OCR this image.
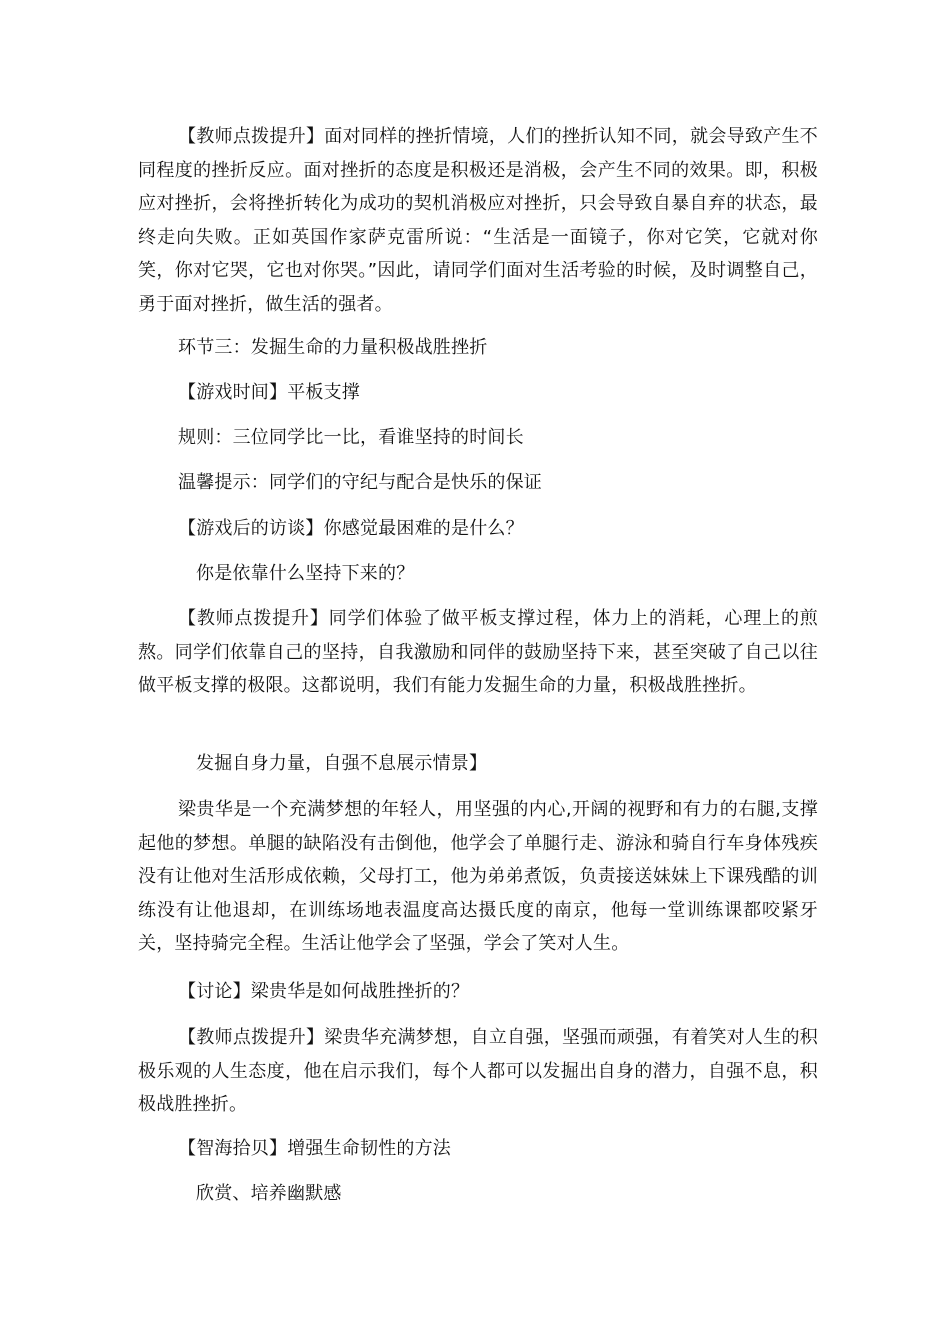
【教师点拨提升】面对同样的挫折情境，人们的挫折认知不同，就会导致产生不同程度的挫折反应。面对挫折的态度是积极还是消极，会产生不同的效果。即，积极应对挫折，会将挫折转化为成功的契机消极应对挫折，只会导致自暴自弃的状态，最终走向失败。正如英国作家萨克雷所说：“生活是一面镜子，你对它笑，它就对你笑，你对它哭，它也对你哭。”因此，请同学们面对生活考验的时候，及时调整自己，勇于面对挫折，做生活的强者。

环节三：发掘生命的力量积极战胜挫折

【游戏时间】平板支撑

规则：三位同学比一比，看谁坚持的时间长

温馨提示：同学们的守纪与配合是快乐的保证

【游戏后的访谈】你感觉最困难的是什么？

你是依靠什么坚持下来的？

【教师点拨提升】同学们体验了做平板支撑过程，体力上的消耗，心理上的煎熬。同学们依靠自己的坚持，自我激励和同伴的鼓励坚持下来，甚至突破了自己以往做平板支撑的极限。这都说明，我们有能力发掘生命的力量，积极战胜挫折。

发掘自身力量，自强不息展示情景】

梁贵华是一个充满梦想的年轻人，用坚强的内心,开阔的视野和有力的右腿,支撑起他的梦想。单腿的缺陷没有击倒他，他学会了单腿行走、游泳和骑自行车身体残疾没有让他对生活形成依赖，父母打工，他为弟弟煮饭，负责接送妹妹上下课残酷的训练没有让他退却，在训练场地表温度高达摄氏度的南京，他每一堂训练课都咬紧牙关，坚持骑完全程。生活让他学会了坚强，学会了笑对人生。

【讨论】梁贵华是如何战胜挫折的？

【教师点拨提升】梁贵华充满梦想，自立自强，坚强而顽强，有着笑对人生的积极乐观的人生态度，他在启示我们，每个人都可以发掘出自身的潜力，自强不息，积极战胜挫折。

【智海拾贝】增强生命韧性的方法

欣赏、培养幽默感
